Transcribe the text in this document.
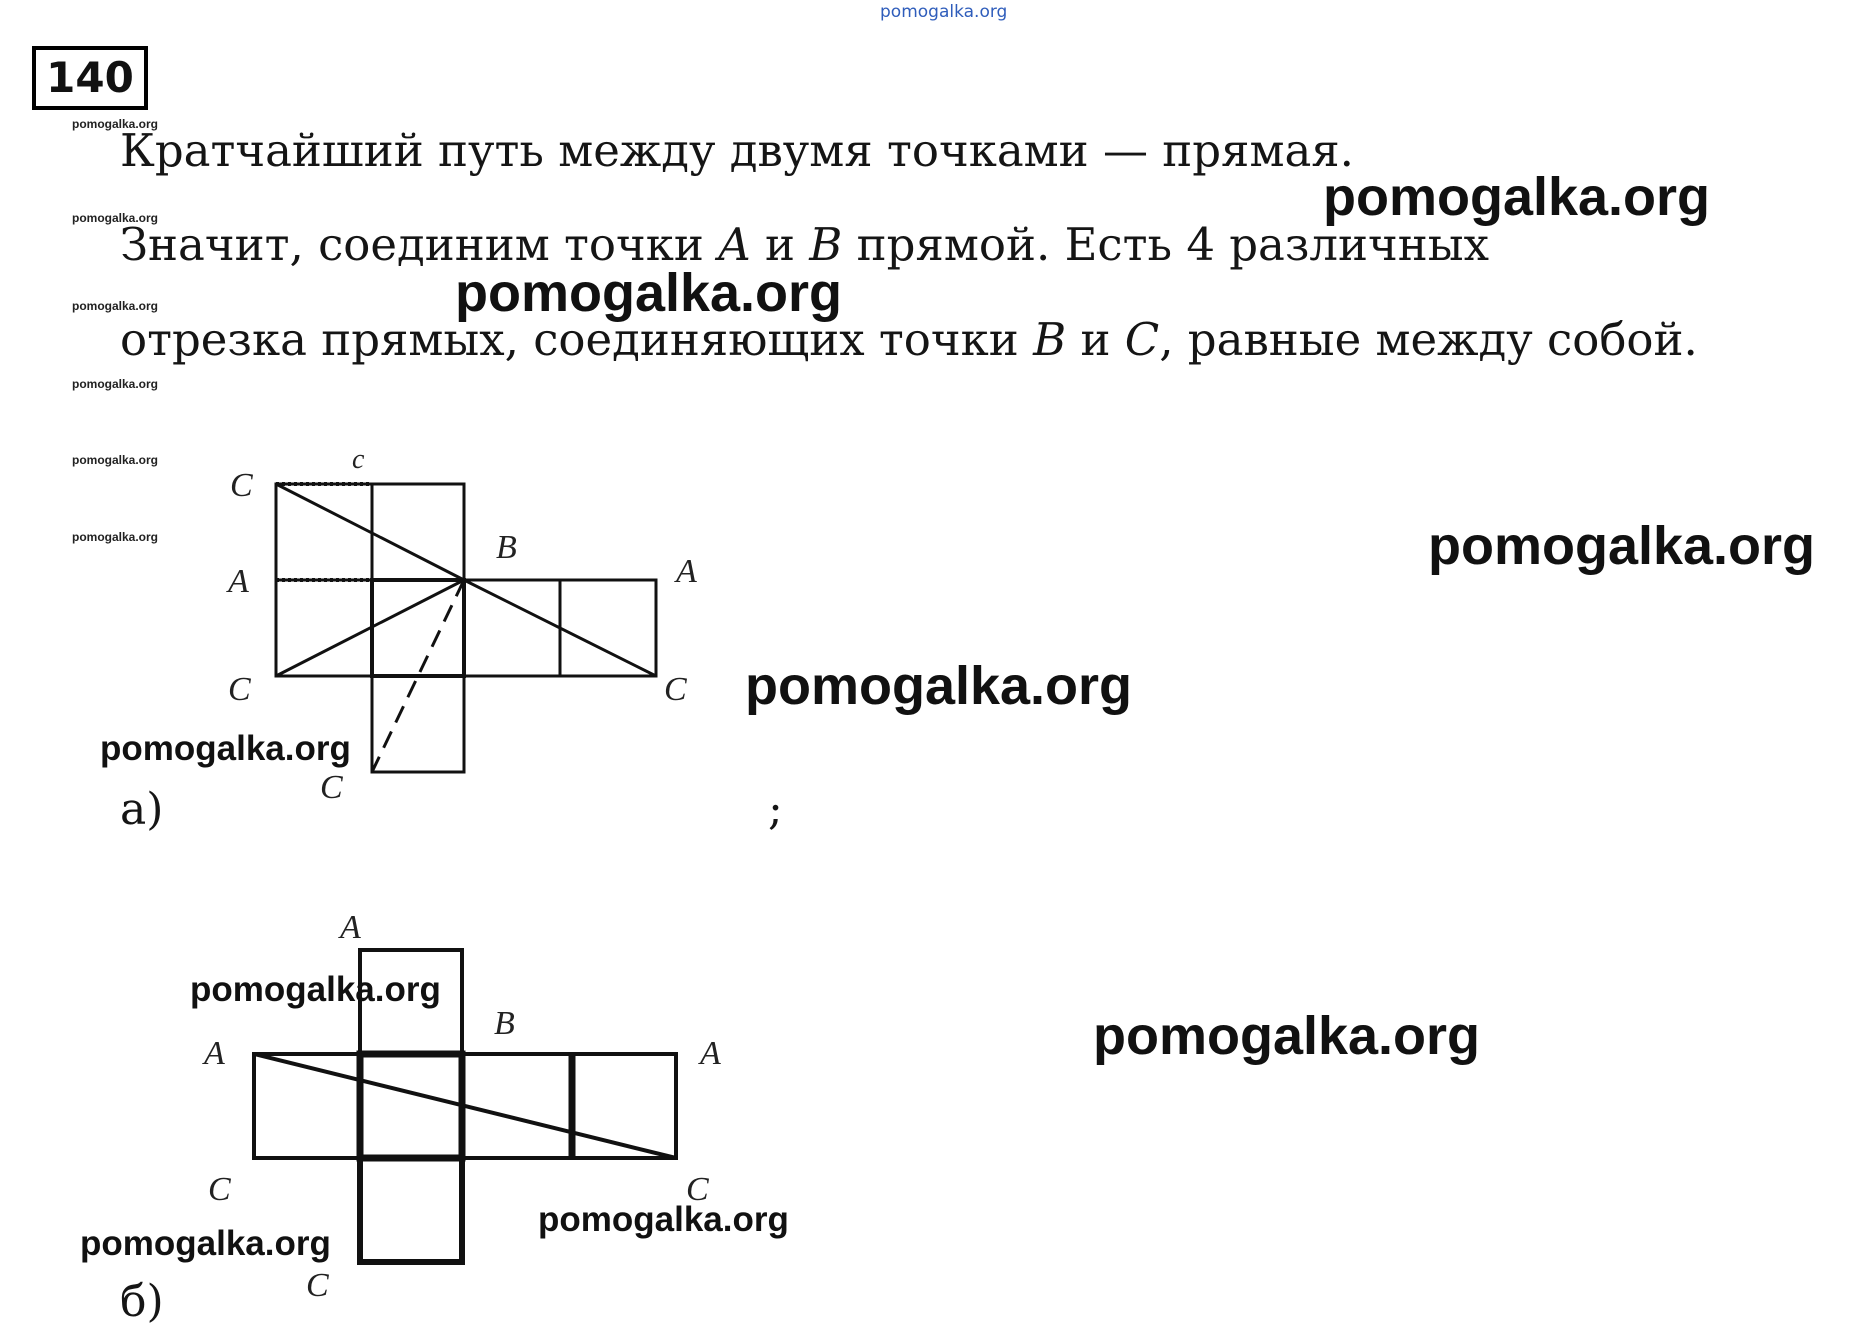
pomogalka.org
140
pomogalka.org
pomogalka.org
pomogalka.org
pomogalka.org
pomogalka.org
pomogalka.org
Кратчайший путь между двумя точками — прямая.
Значит, соединим точки A и B прямой. Есть 4 различных
отрезка прямых, соединяющих точки B и C, равные между собой.
pomogalka.org
pomogalka.org
pomogalka.org
pomogalka.org
pomogalka.org
C
c
B
A	A
C	C
C
pomogalka.org
а)	;
A
B
A	A
C	C
C
pomogalka.org
pomogalka.org
pomogalka.org
б)
